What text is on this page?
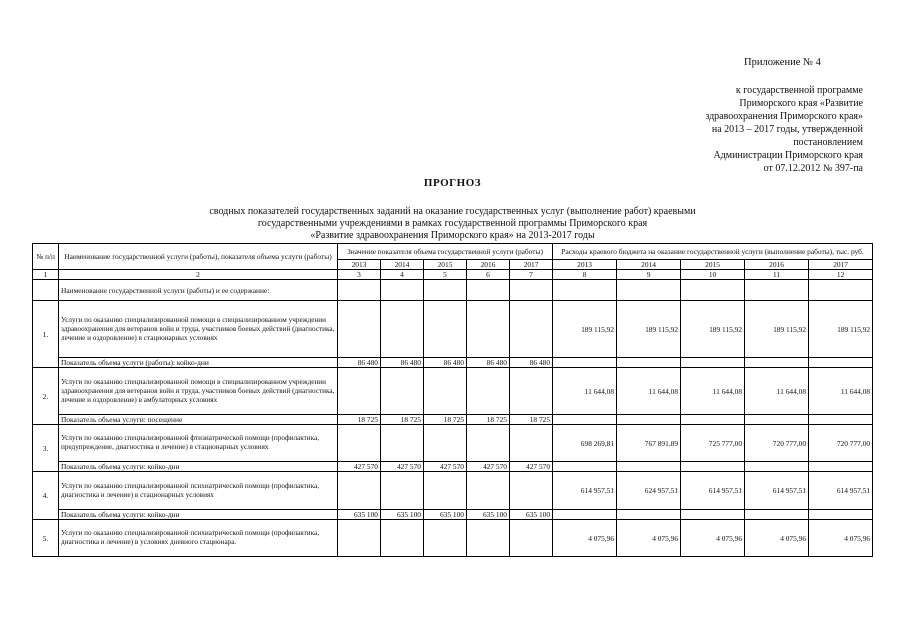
Приложение № 4
к государственной программе
Приморского края «Развитие
здравоохранения Приморского края»
на 2013 – 2017 годы, утвержденной
постановлением
Администрации Приморского края
от 07.12.2012 № 397-па
ПРОГНОЗ
сводных показателей государственных заданий на оказание государственных услуг (выполнение работ) краевыми
государственными учреждениями в рамках государственной программы Приморского края
«Развитие здравоохранения Приморского края» на 2013-2017 годы
№ п/п	Наименование государственной услуги (работы), показателя объема услуги (работы)	Значение показателя объема государственной услуги (работы)					Расходы краевого бюджета на оказание государственной услуги (выполнение работы), тыс. руб.				
		2013	2014	2015	2016	2017	2013	2014	2015	2016	2017
1	2	3	4	5	6	7	8	9	10	11	12
	Наименование государственной услуги (работы) и ее содержание:										
1.	Услуги по оказанию специализированной помощи в специализированном учреждении здравоохранения для ветеранов войн и труда, участников боевых действий (диагностика, лечение и оздоровление) в стационарных условиях						189 115,92	189 115,92	189 115,92	189 115,92	189 115,92
	Показатель объема услуги (работы): койко-дни	86 480	86 480	86 480	86 480	86 480					
2.	Услуги по оказанию специализированной помощи в специализированном учреждении здравоохранения для ветеранов войн и труда, участников боевых действий (диагностика, лечение и оздоровление) в амбулаторных условиях						11 644,08	11 644,08	11 644,08	11 644,08	11 644,08
	Показатель объема услуги: посещение	18 725	18 725	18 725	18 725	18 725					
3.	Услуги по оказанию специализированной фтизиатрической помощи (профилактика, предупреждение, диагностика и лечение) в стационарных условиях						698 269,81	767 891,89	725 777,00	720 777,00	720 777,00
	Показатель объема услуги: койко-дни	427 570	427 570	427 570	427 570	427 570					
4.	Услуги по оказанию специализированной психиатрической помощи (профилактика, диагностика и лечение) в стационарных условиях						614 957,51	624 957,51	614 957,51	614 957,51	614 957,51
	Показатель объема услуги: койко-дни	635 100	635 100	635 100	635 100	635 100					
5.	Услуги по оказанию специализированной психиатрической помощи (профилактика, диагностика и лечение) в условиях дневного стационара.						4 075,96	4 075,96	4 075,96	4 075,96	4 075,96
